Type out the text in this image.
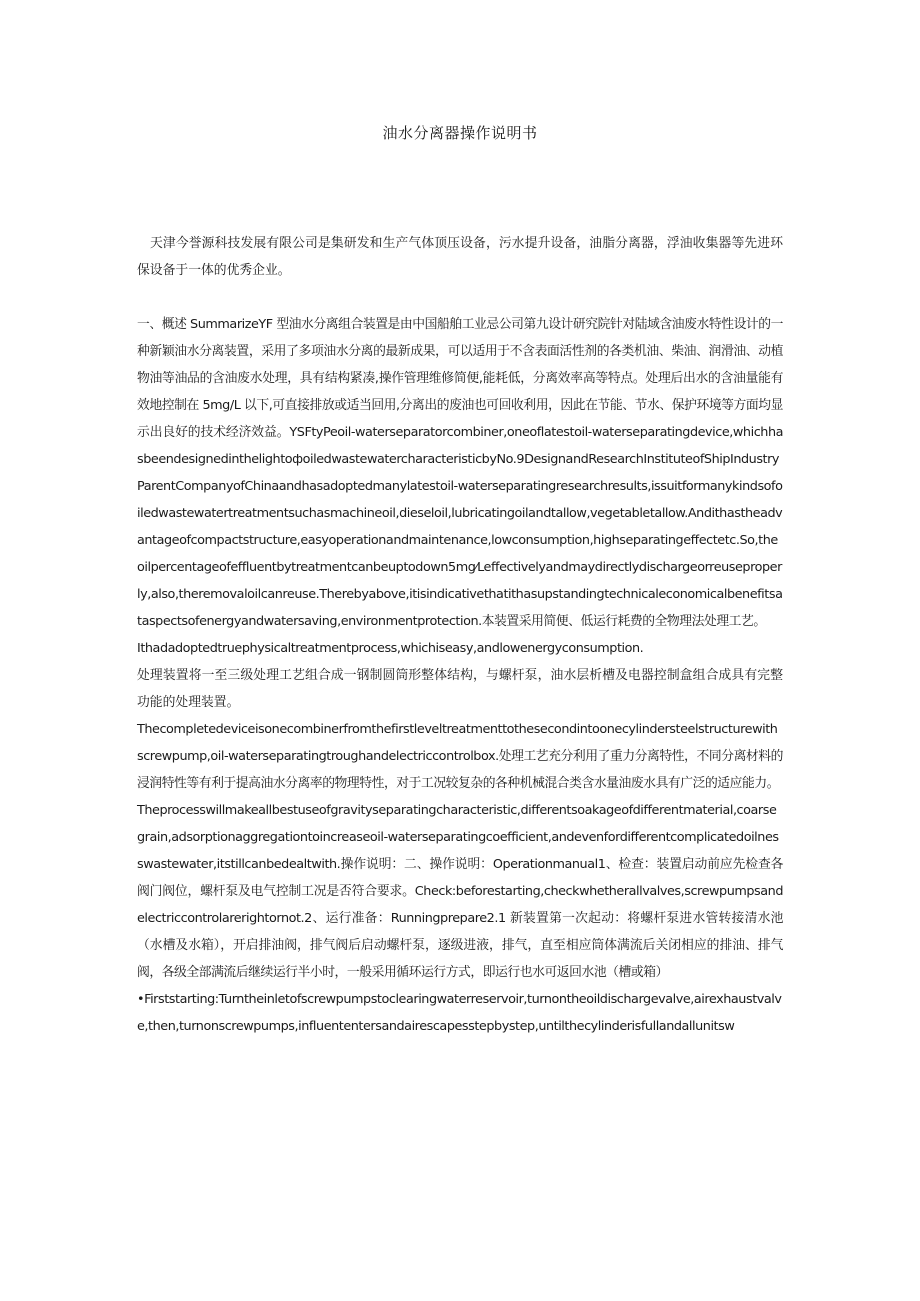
油水分离器操作说明书

天津今誉源科技发展有限公司是集研发和生产气体顶压设备，污水提升设备，油脂分离器，浮油收集器等先进环保设备于一体的优秀企业。

一、概述 SummarizeYF 型油水分离组合装置是由中国船舶工业忌公司第九设计研究院针对陆域含油废水特性设计的一种新颖油水分离装置，采用了多项油水分离的最新成果，可以适用于不含表面活性剂的各类机油、柴油、润滑油、动植物油等油品的含油废水处理，具有结构紧凑,操作管理维修简便,能耗低，分离效率高等特点。处理后出水的含油量能有效地控制在 5mg/L 以下,可直接排放或适当回用,分离出的废油也可回收利用，因此在节能、节水、保护环境等方面均显示出良好的技术经济效益。YSFtyPeoil-waterseparatorcombiner,oneoflatestoil-waterseparatingdevice,whichhasbeendesignedinthelightoфoiledwastewatercharacteristicbyNo.9DesignandResearchInstituteofShipIndustryParentCompanyofChinaandhasadoptedmanylatestoil-waterseparatingresearchresults,issuitformanykindsofoiledwastewatertreatmentsuchasmachineoil,dieseloil,lubricatingoilandtallow,vegetabletallow.Andithastheadvantageofcompactstructure,easyoperationandmaintenance,lowconsumption,highseparatingeffectetc.So,theoilpercentageofeffluentbytreatmentcanbeuptodown5mg⁄Leffectivelyandmaydirectlydischargeorreuseproperly,also,theremovaloilcanreuse.Therebyabove,itisindicativethatithasupstandingtechnicaleconomicalbenefitsataspectsofenergyandwatersaving,environmentprotection.本装置采用简便、低运行耗费的全物理法处理工艺。

Ithadadoptedtruephysicaltreatmentprocess,whichiseasy,andlowenergyconsumption.

处理装置将一至三级处理工艺组合成一钢制圆筒形整体结构，与螺杆泵，油水层析槽及电器控制盒组合成具有完整功能的处理装置。

Thecompletedeviceisonecombinerfromthefirstleveltreatmenttothesecondintoonecylindersteelstructurewithscrewpump,oil-waterseparatingtroughandelectriccontrolbox.处理工艺充分利用了重力分离特性，不同分离材料的浸润特性等有利于提高油水分离率的物理特性，对于工况较复杂的各种机械混合类含水量油废水具有广泛的适应能力。

Theprocesswillmakeallbestuseofgravityseparatingcharacteristic,differentsoakageofdifferentmaterial,coarsegrain,adsorptionaggregationtoincreaseoil-waterseparatingcoefficient,andevenfordifferentcomplicatedoilnesswastewater,itstillcanbedealtwith.操作说明：二、操作说明：Operationmanual1、检查：装置启动前应先检查各阀门阀位，螺杆泵及电气控制工况是否符合要求。Check:beforestarting,checkwhetherallvalves,screwpumpsandelectriccontrolarerightornot.2、运行准备：Runningprepare2.1 新装置第一次起动：将螺杆泵进水管转接清水池（水槽及水箱），开启排油阀，排气阀后启动螺杆泵，逐级进液，排气，直至相应筒体满流后关闭相应的排油、排气阀，各级全部满流后继续运行半小时，一般采用循环运行方式，即运行也水可返回水池（槽或箱）

•Firststarting:Turntheinletofscrewpumpstoclearingwaterreservoir,turnontheoildischargevalve,airexhaustvalve,then,turnonscrewpumps,influententersandairescapesstepbystep,untilthecylinderisfullandallunitsw
